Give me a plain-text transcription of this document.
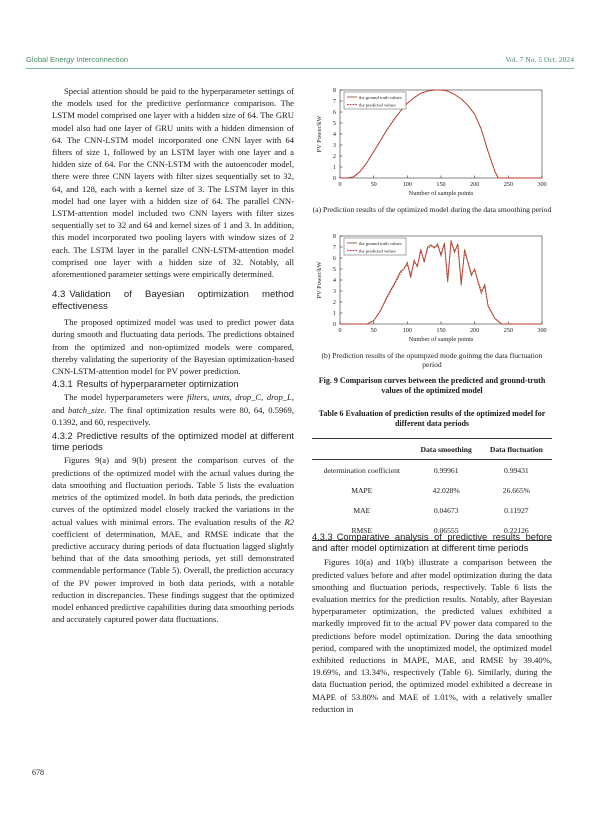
Global Energy Interconnection	Vol. 7 No. 5 Oct. 2024

Special attention should be paid to the hyperparameter settings of the models used for the predictive performance comparison. The LSTM model comprised one layer with a hidden size of 64. The GRU model also had one layer of GRU units with a hidden dimension of 64. The CNN-LSTM model incorporated one CNN layer with 64 filters of size 1, followed by an LSTM layer with one layer and a hidden size of 64. For the CNN-LSTM with the autoencoder model, there were three CNN layers with filter sizes sequentially set to 32, 64, and 128, each with a kernel size of 3. The LSTM layer in this model had one layer with a hidden size of 64. The parallel CNN-LSTM-attention model included two CNN layers with filter sizes sequentially set to 32 and 64 and kernel sizes of 1 and 3. In addition, this model incorporated two pooling layers with window sizes of 2 each. The LSTM layer in the parallel CNN-LSTM-attention model comprised one layer with a hidden size of 32. Notably, all aforementioned parameter settings were empirically determined.

4.3 Validation of Bayesian optimization method effectiveness

The proposed optimized model was used to predict power data during smooth and fluctuating data periods. The predictions obtained from the optimized and non-optimized models were compared, thereby validating the superiority of the Bayesian optimization-based CNN-LSTM-attention model for PV power prediction.

4.3.1 Results of hyperparameter optimization

The model hyperparameters were filters, units, drop_C, drop_L, and batch_size. The final optimization results were 80, 64, 0.5969, 0.1392, and 60, respectively.

4.3.2 Predictive results of the optimized model at different time periods

Figures 9(a) and 9(b) present the comparison curves of the predictions of the optimized model with the actual values during the data smoothing and fluctuation periods. Table 5 lists the evaluation metrics of the optimized model. In both data periods, the prediction curves of the optimized model closely tracked the variations in the actual values with minimal errors. The evaluation results of the R2 coefficient of determination, MAE, and RMSE indicate that the predictive accuracy during periods of data fluctuation lagged slightly behind that of the data smoothing periods, yet still demonstrated commendable performance (Table 5). Overall, the prediction accuracy of the PV power improved in both data periods, with a notable reduction in discrepancies. These findings suggest that the optimized model enhanced predictive capabilities during data smoothing periods and accurately captured power data fluctuations.

0
1
2
3
4
5
6
7
8
0	50	100	150	200	250	300
Number of sample points
PV Power/kW
the ground truth values
the predicted values
(a) Prediction results of the optimized model during the data smoothing period
0
1
2
3
4
5
6
7
8
0	50	100	150	200	250	300
Number of sample points
PV Power/kW
the ground truth values
the predicted values
(b) Prediction results of the opumpzed mode goinmg the data fluctuation period
Fig. 9 Comparison curves between the predicted and ground-truth values of the optimized model
Table 6 Evaluation of prediction results of the optimized model for different data periods
	Data smoothing	Data fluctuation
determination coefficient	0.99961	0.99431
MAPE	42.028%	26.665%
MAE	0.04673	0.11927
RMSE	0.06555	0.22126
4.3.3 Comparative analysis of predictive results before and after model optimization at different time periods

Figures 10(a) and 10(b) illustrate a comparison between the predicted values before and after model optimization during the data smoothing and fluctuation periods, respectively. Table 6 lists the evaluation metrics for the prediction results. Notably, after Bayesian hyperparameter optimization, the predicted values exhibited a markedly improved fit to the actual PV power data compared to the predictions before model optimization. During the data smoothing period, compared with the unoptimized model, the optimized model exhibited reductions in MAPE, MAE, and RMSE by 39.40%, 19.69%, and 13.34%, respectively (Table 6). Similarly, during the data fluctuation period, the optimized model exhibited a decrease in MAPE of 53.80% and MAE of 1.01%, with a relatively smaller reduction in

678
